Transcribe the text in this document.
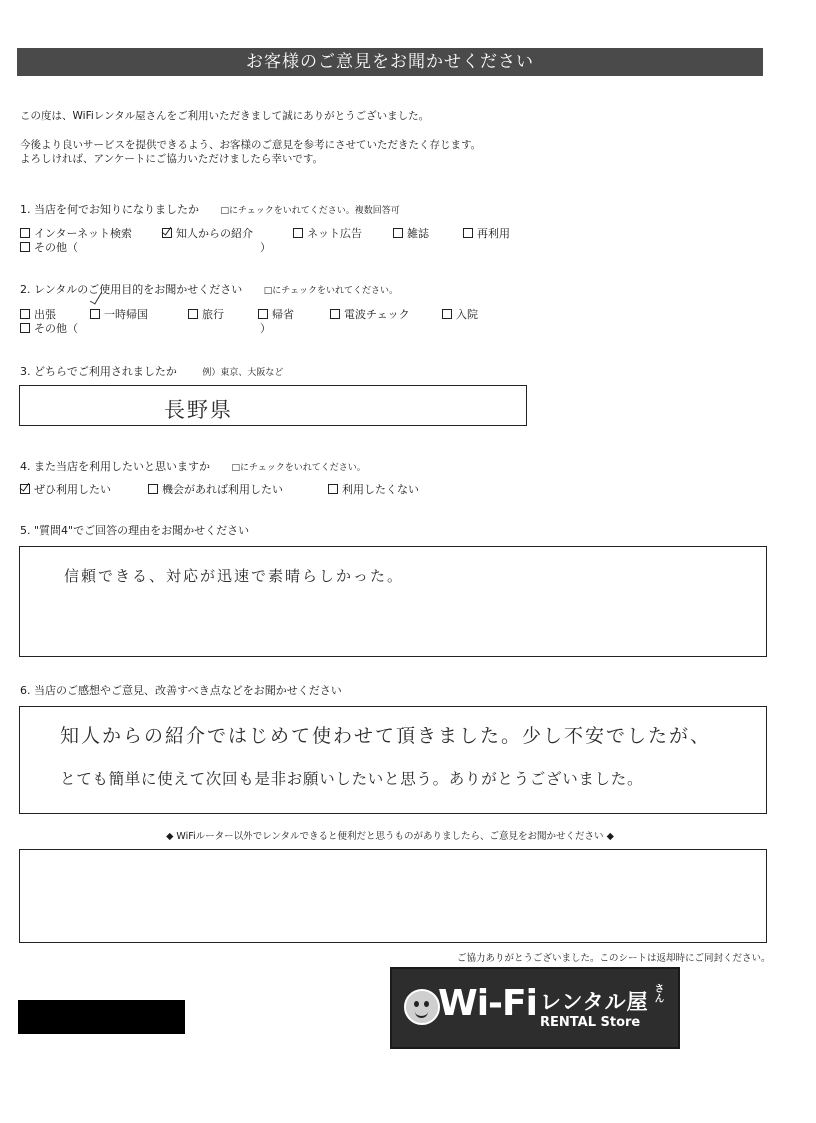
お客様のご意見をお聞かせください
この度は、WiFiレンタル屋さんをご利用いただきまして誠にありがとうございました。
今後より良いサービスを提供できるよう、お客様のご意見を参考にさせていただきたく存じます。
よろしければ、アンケートにご協力いただけましたら幸いです。
1. 当店を何でお知りになりましたか □にチェックをいれてください。複数回答可
インターネット検索	知人からの紹介	ネット広告	雑誌	再利用
その他（	）
2. レンタルのご使用目的をお聞かせください □にチェックをいれてください。
出張	一時帰国	旅行	帰省	電波チェック	入院
その他（	）
3. どちらでご利用されましたか	例）東京、大阪など
長野県
4. また当店を利用したいと思いますか □にチェックをいれてください。
ぜひ利用したい	機会があれば利用したい	利用したくない
5. "質問4"でご回答の理由をお聞かせください
信頼できる、対応が迅速で素晴らしかった。
6. 当店のご感想やご意見、改善すべき点などをお聞かせください
知人からの紹介ではじめて使わせて頂きました。少し不安でしたが、
とても簡単に使えて次回も是非お願いしたいと思う。ありがとうございました。
◆ WiFiルーター以外でレンタルできると便利だと思うものがありましたら、ご意見をお聞かせください ◆
ご協力ありがとうございました。このシートは返却時にご同封ください。
Wi-Fi レンタル屋 さん
RENTAL Store
